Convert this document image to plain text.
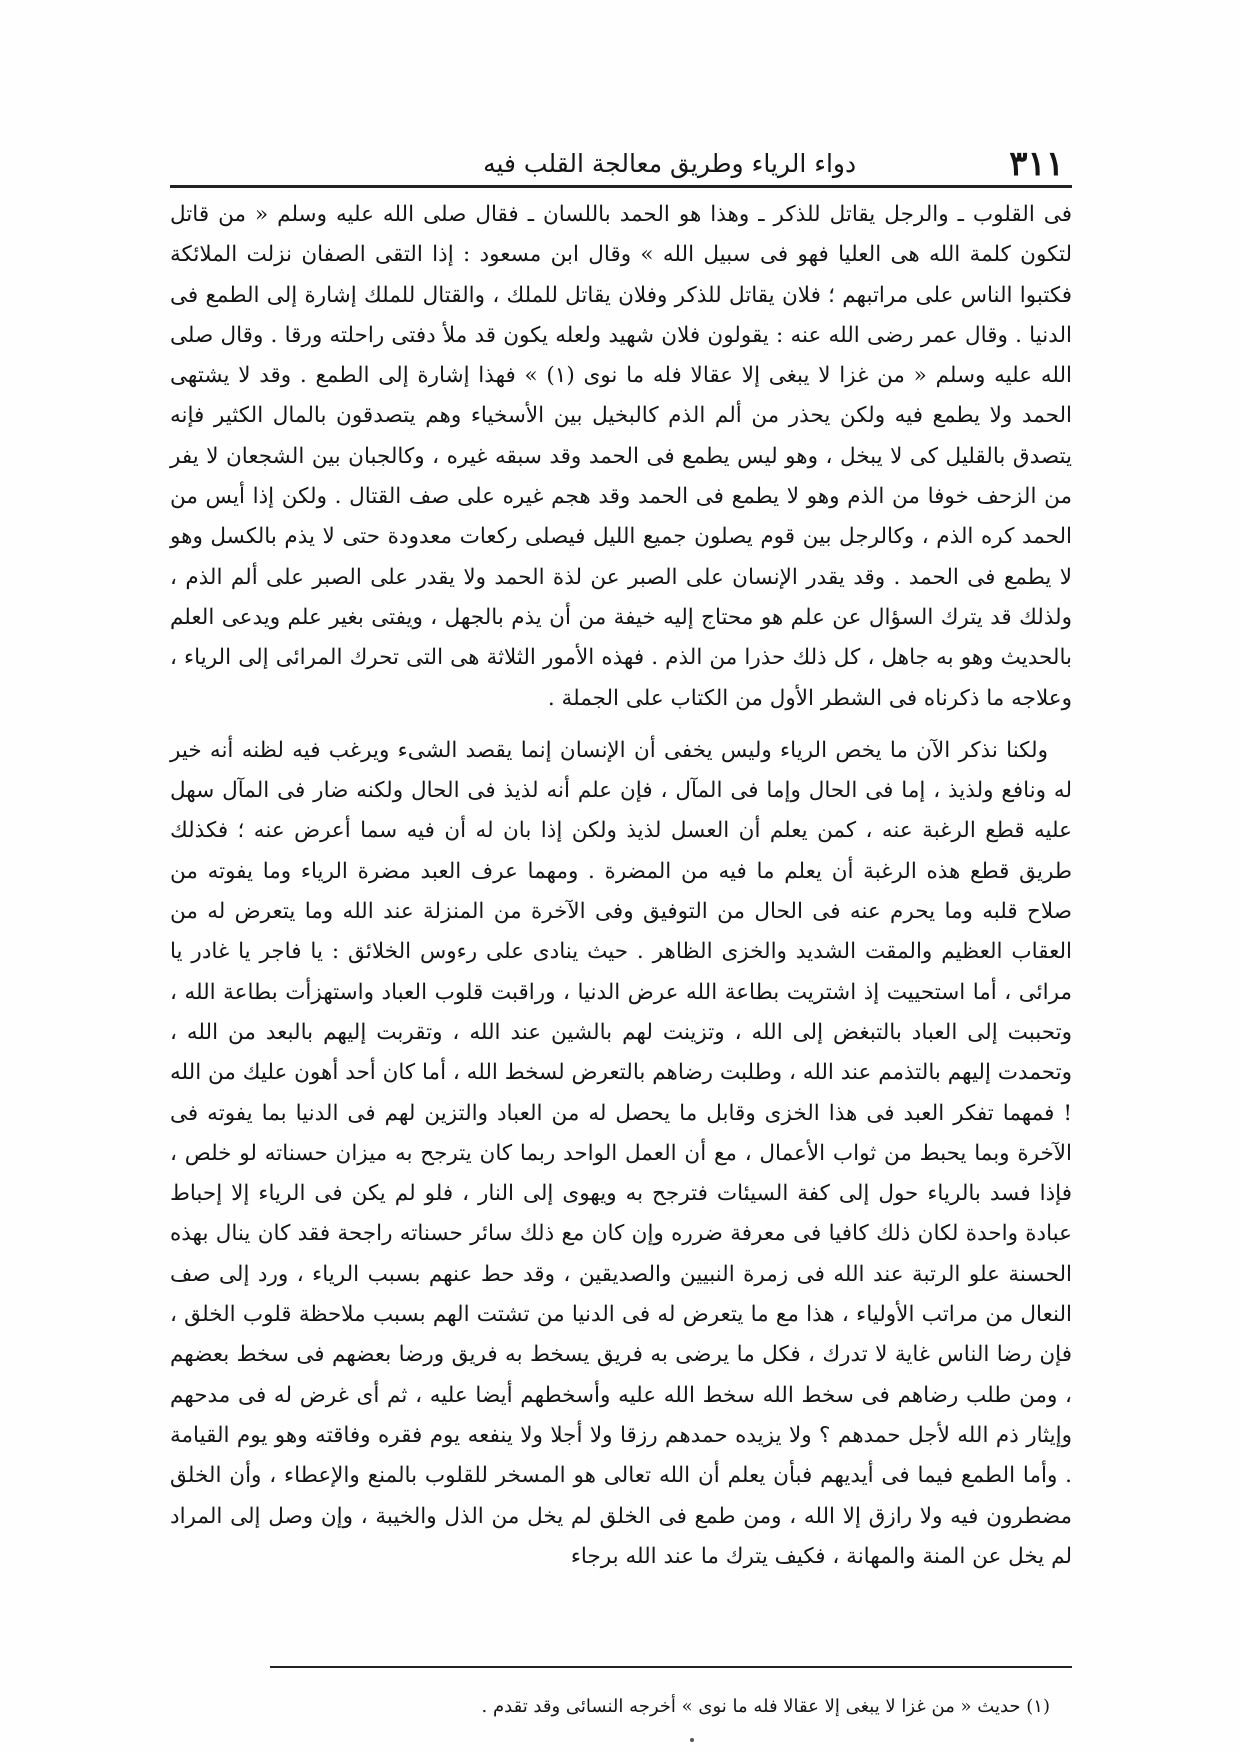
٣١١
دواء الرياء وطريق معالجة القلب فيه

فى القلوب ـ والرجل يقاتل للذكر ـ وهذا هو الحمد باللسان ـ فقال صلى الله عليه وسلم « من قاتل لتكون كلمة الله هى العليا فهو فى سبيل الله » وقال ابن مسعود : إذا التقى الصفان نزلت الملائكة فكتبوا الناس على مراتبهم ؛ فلان يقاتل للذكر وفلان يقاتل للملك ، والقتال للملك إشارة إلى الطمع فى الدنيا . وقال عمر رضى الله عنه : يقولون فلان شهيد ولعله يكون قد ملأ دفتى راحلته ورقا . وقال صلى الله عليه وسلم « من غزا لا يبغى إلا عقالا فله ما نوى (١) » فهذا إشارة إلى الطمع . وقد لا يشتهى الحمد ولا يطمع فيه ولكن يحذر من ألم الذم كالبخيل بين الأسخياء وهم يتصدقون بالمال الكثير فإنه يتصدق بالقليل كى لا يبخل ، وهو ليس يطمع فى الحمد وقد سبقه غيره ، وكالجبان بين الشجعان لا يفر من الزحف خوفا من الذم وهو لا يطمع فى الحمد وقد هجم غيره على صف القتال . ولكن إذا أيس من الحمد كره الذم ، وكالرجل بين قوم يصلون جميع الليل فيصلى ركعات معدودة حتى لا يذم بالكسل وهو لا يطمع فى الحمد . وقد يقدر الإنسان على الصبر عن لذة الحمد ولا يقدر على الصبر على ألم الذم ، ولذلك قد يترك السؤال عن علم هو محتاج إليه خيفة من أن يذم بالجهل ، ويفتى بغير علم ويدعى العلم بالحديث وهو به جاهل ، كل ذلك حذرا من الذم . فهذه الأمور الثلاثة هى التى تحرك المرائى إلى الرياء ، وعلاجه ما ذكرناه فى الشطر الأول من الكتاب على الجملة .

ولكنا نذكر الآن ما يخص الرياء وليس يخفى أن الإنسان إنما يقصد الشىء ويرغب فيه لظنه أنه خير له ونافع ولذيذ ، إما فى الحال وإما فى المآل ، فإن علم أنه لذيذ فى الحال ولكنه ضار فى المآل سهل عليه قطع الرغبة عنه ، كمن يعلم أن العسل لذيذ ولكن إذا بان له أن فيه سما أعرض عنه ؛ فكذلك طريق قطع هذه الرغبة أن يعلم ما فيه من المضرة . ومهما عرف العبد مضرة الرياء وما يفوته من صلاح قلبه وما يحرم عنه فى الحال من التوفيق وفى الآخرة من المنزلة عند الله وما يتعرض له من العقاب العظيم والمقت الشديد والخزى الظاهر . حيث ينادى على رءوس الخلائق : يا فاجر يا غادر يا مرائى ، أما استحييت إذ اشتريت بطاعة الله عرض الدنيا ، وراقبت قلوب العباد واستهزأت بطاعة الله ، وتحببت إلى العباد بالتبغض إلى الله ، وتزينت لهم بالشين عند الله ، وتقربت إليهم بالبعد من الله ، وتحمدت إليهم بالتذمم عند الله ، وطلبت رضاهم بالتعرض لسخط الله ، أما كان أحد أهون عليك من الله ! فمهما تفكر العبد فى هذا الخزى وقابل ما يحصل له من العباد والتزين لهم فى الدنيا بما يفوته فى الآخرة وبما يحبط من ثواب الأعمال ، مع أن العمل الواحد ربما كان يترجح به ميزان حسناته لو خلص ، فإذا فسد بالرياء حول إلى كفة السيئات فترجح به ويهوى إلى النار ، فلو لم يكن فى الرياء إلا إحباط عبادة واحدة لكان ذلك كافيا فى معرفة ضرره وإن كان مع ذلك سائر حسناته راجحة فقد كان ينال بهذه الحسنة علو الرتبة عند الله فى زمرة النبيين والصديقين ، وقد حط عنهم بسبب الرياء ، ورد إلى صف النعال من مراتب الأولياء ، هذا مع ما يتعرض له فى الدنيا من تشتت الهم بسبب ملاحظة قلوب الخلق ، فإن رضا الناس غاية لا تدرك ، فكل ما يرضى به فريق يسخط به فريق ورضا بعضهم فى سخط بعضهم ، ومن طلب رضاهم فى سخط الله سخط الله عليه وأسخطهم أيضا عليه ، ثم أى غرض له فى مدحهم وإيثار ذم الله لأجل حمدهم ؟ ولا يزيده حمدهم رزقا ولا أجلا ولا ينفعه يوم فقره وفاقته وهو يوم القيامة . وأما الطمع فيما فى أيديهم فبأن يعلم أن الله تعالى هو المسخر للقلوب بالمنع والإعطاء ، وأن الخلق مضطرون فيه ولا رازق إلا الله ، ومن طمع فى الخلق لم يخل من الذل والخيبة ، وإن وصل إلى المراد لم يخل عن المنة والمهانة ، فكيف يترك ما عند الله برجاء

(١) حديث « من غزا لا يبغى إلا عقالا فله ما نوى » أخرجه النسائى وقد تقدم .
